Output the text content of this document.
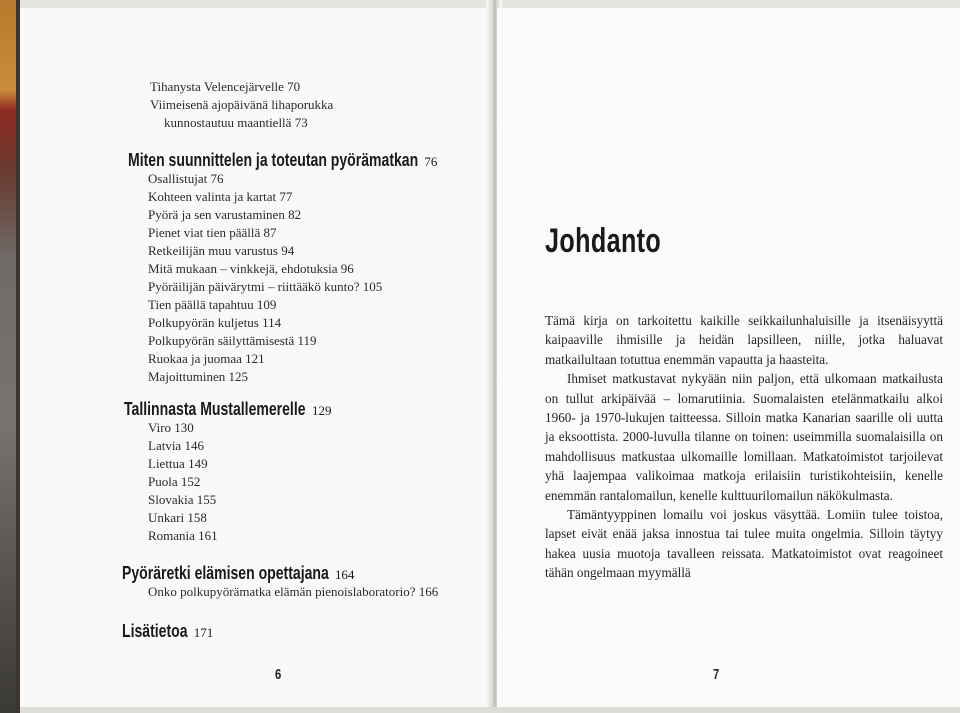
Tihanysta Velencejärvelle 70
Viimeisenä ajopäivänä lihaporukka
kunnostautuu maantiellä 73
Miten suunnittelen ja toteutan pyörämatkan 76
Osallistujat 76
Kohteen valinta ja kartat 77
Pyörä ja sen varustaminen 82
Pienet viat tien päällä 87
Retkeilijän muu varustus 94
Mitä mukaan – vinkkejä, ehdotuksia 96
Pyöräilijän päivärytmi – riittääkö kunto? 105
Tien päällä tapahtuu 109
Polkupyörän kuljetus 114
Polkupyörän säilyttämisestä 119
Ruokaa ja juomaa 121
Majoittuminen 125
Tallinnasta Mustallemerelle 129
Viro 130
Latvia 146
Liettua 149
Puola 152
Slovakia 155
Unkari 158
Romania 161
Pyöräretki elämisen opettajana 164
Onko polkupyörämatka elämän pienoislaboratorio? 166
Lisätietoa 171
6
Johdanto

Tämä kirja on tarkoitettu kaikille seikkailunhaluisille ja itsenäisyyttä kaipaaville ihmisille ja heidän lapsilleen, niille, jotka haluavat matkailultaan totuttua enemmän vapautta ja haasteita.

Ihmiset matkustavat nykyään niin paljon, että ulkomaan matkailusta on tullut arkipäivää – lomarutiinia. Suomalaisten etelänmatkailu alkoi 1960- ja 1970-lukujen taitteessa. Silloin matka Kanarian saarille oli uutta ja eksoottista. 2000-luvulla tilanne on toinen: useimmilla suomalaisilla on mahdollisuus matkustaa ulkomaille lomillaan. Matkatoimistot tarjoilevat yhä laajempaa valikoimaa matkoja erilaisiin turistikohteisiin, kenelle enemmän rantalomailun, kenelle kulttuurilomailun näkökulmasta.

Tämäntyyppinen lomailu voi joskus väsyttää. Lomiin tulee toistoa, lapset eivät enää jaksa innostua tai tulee muita ongelmia. Silloin täytyy hakea uusia muotoja tavalleen reissata. Matkatoimistot ovat reagoineet tähän ongelmaan myymällä

7
